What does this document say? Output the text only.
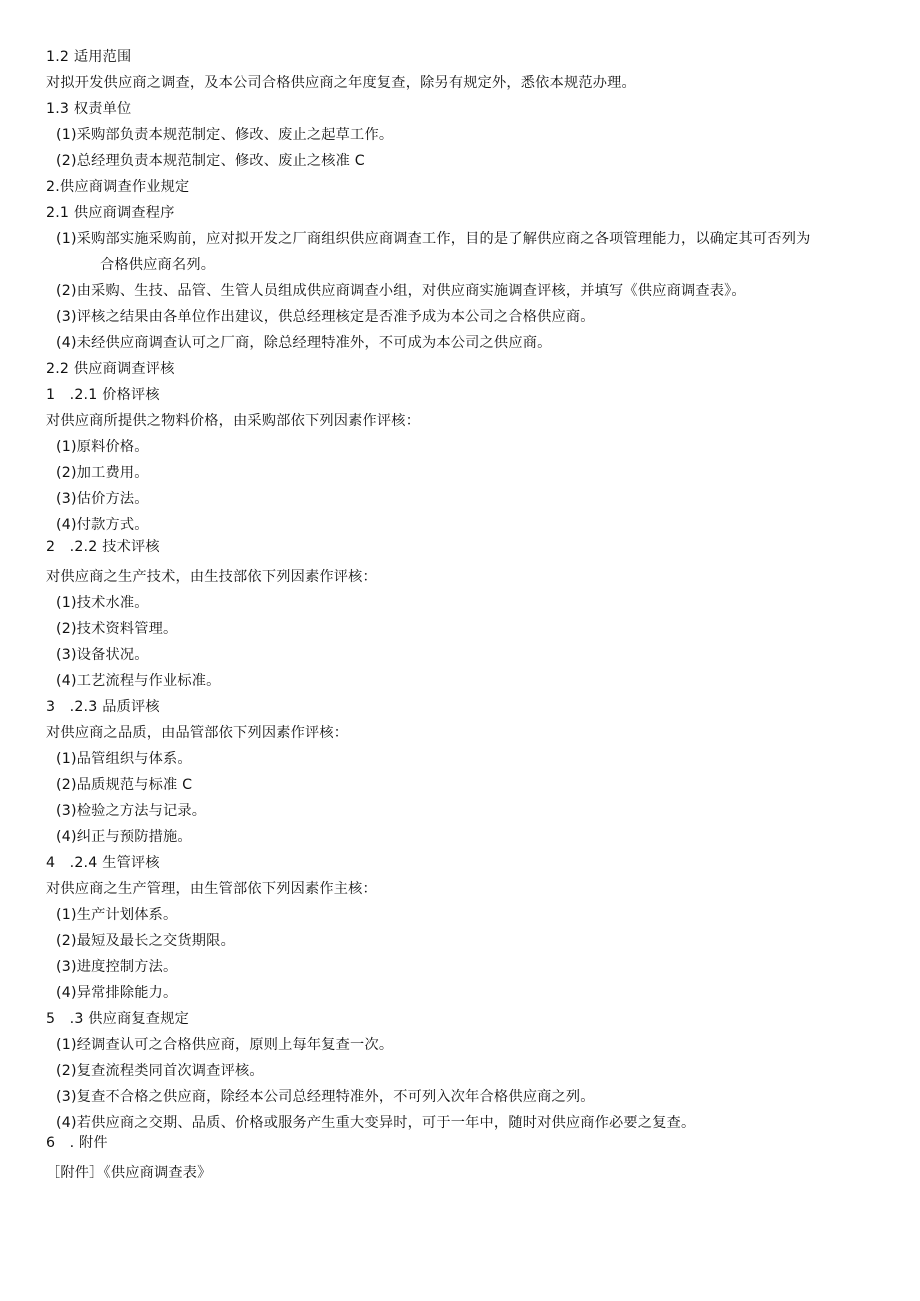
1.2 适用范围
对拟开发供应商之调查，及本公司合格供应商之年度复查，除另有规定外，悉依本规范办理。
1.3 权责单位
(1)采购部负责本规范制定、修改、废止之起草工作。
(2)总经理负责本规范制定、修改、废止之核准 C
2.供应商调查作业规定
2.1 供应商调查程序
(1)采购部实施采购前，应对拟开发之厂商组织供应商调查工作，目的是了解供应商之各项管理能力，以确定其可否列为
合格供应商名列。
(2)由采购、生技、品管、生管人员组成供应商调查小组，对供应商实施调查评核，并填写《供应商调查表》。
(3)评核之结果由各单位作出建议，供总经理核定是否准予成为本公司之合格供应商。
(4)未经供应商调查认可之厂商，除总经理特准外，不可成为本公司之供应商。
2.2 供应商调查评核
1　.2.1 价格评核
对供应商所提供之物料价格，由采购部依下列因素作评核：
(1)原料价格。
(2)加工费用。
(3)估价方法。
(4)付款方式。
2　.2.2 技术评核
对供应商之生产技术，由生技部依下列因素作评核：
(1)技术水准。
(2)技术资料管理。
(3)设备状况。
(4)工艺流程与作业标准。
3　.2.3 品质评核
对供应商之品质，由品管部依下列因素作评核：
(1)品管组织与体系。
(2)品质规范与标准 C
(3)检验之方法与记录。
(4)纠正与预防措施。
4　.2.4 生管评核
对供应商之生产管理，由生管部依下列因素作主核：
(1)生产计划体系。
(2)最短及最长之交货期限。
(3)进度控制方法。
(4)异常排除能力。
5　.3 供应商复查规定
(1)经调查认可之合格供应商，原则上每年复查一次。
(2)复查流程类同首次调查评核。
(3)复查不合格之供应商，除经本公司总经理特准外，不可列入次年合格供应商之列。
(4)若供应商之交期、品质、价格或服务产生重大变异时，可于一年中，随时对供应商作必要之复查。
6　. 附件
［附件］《供应商调查表》
